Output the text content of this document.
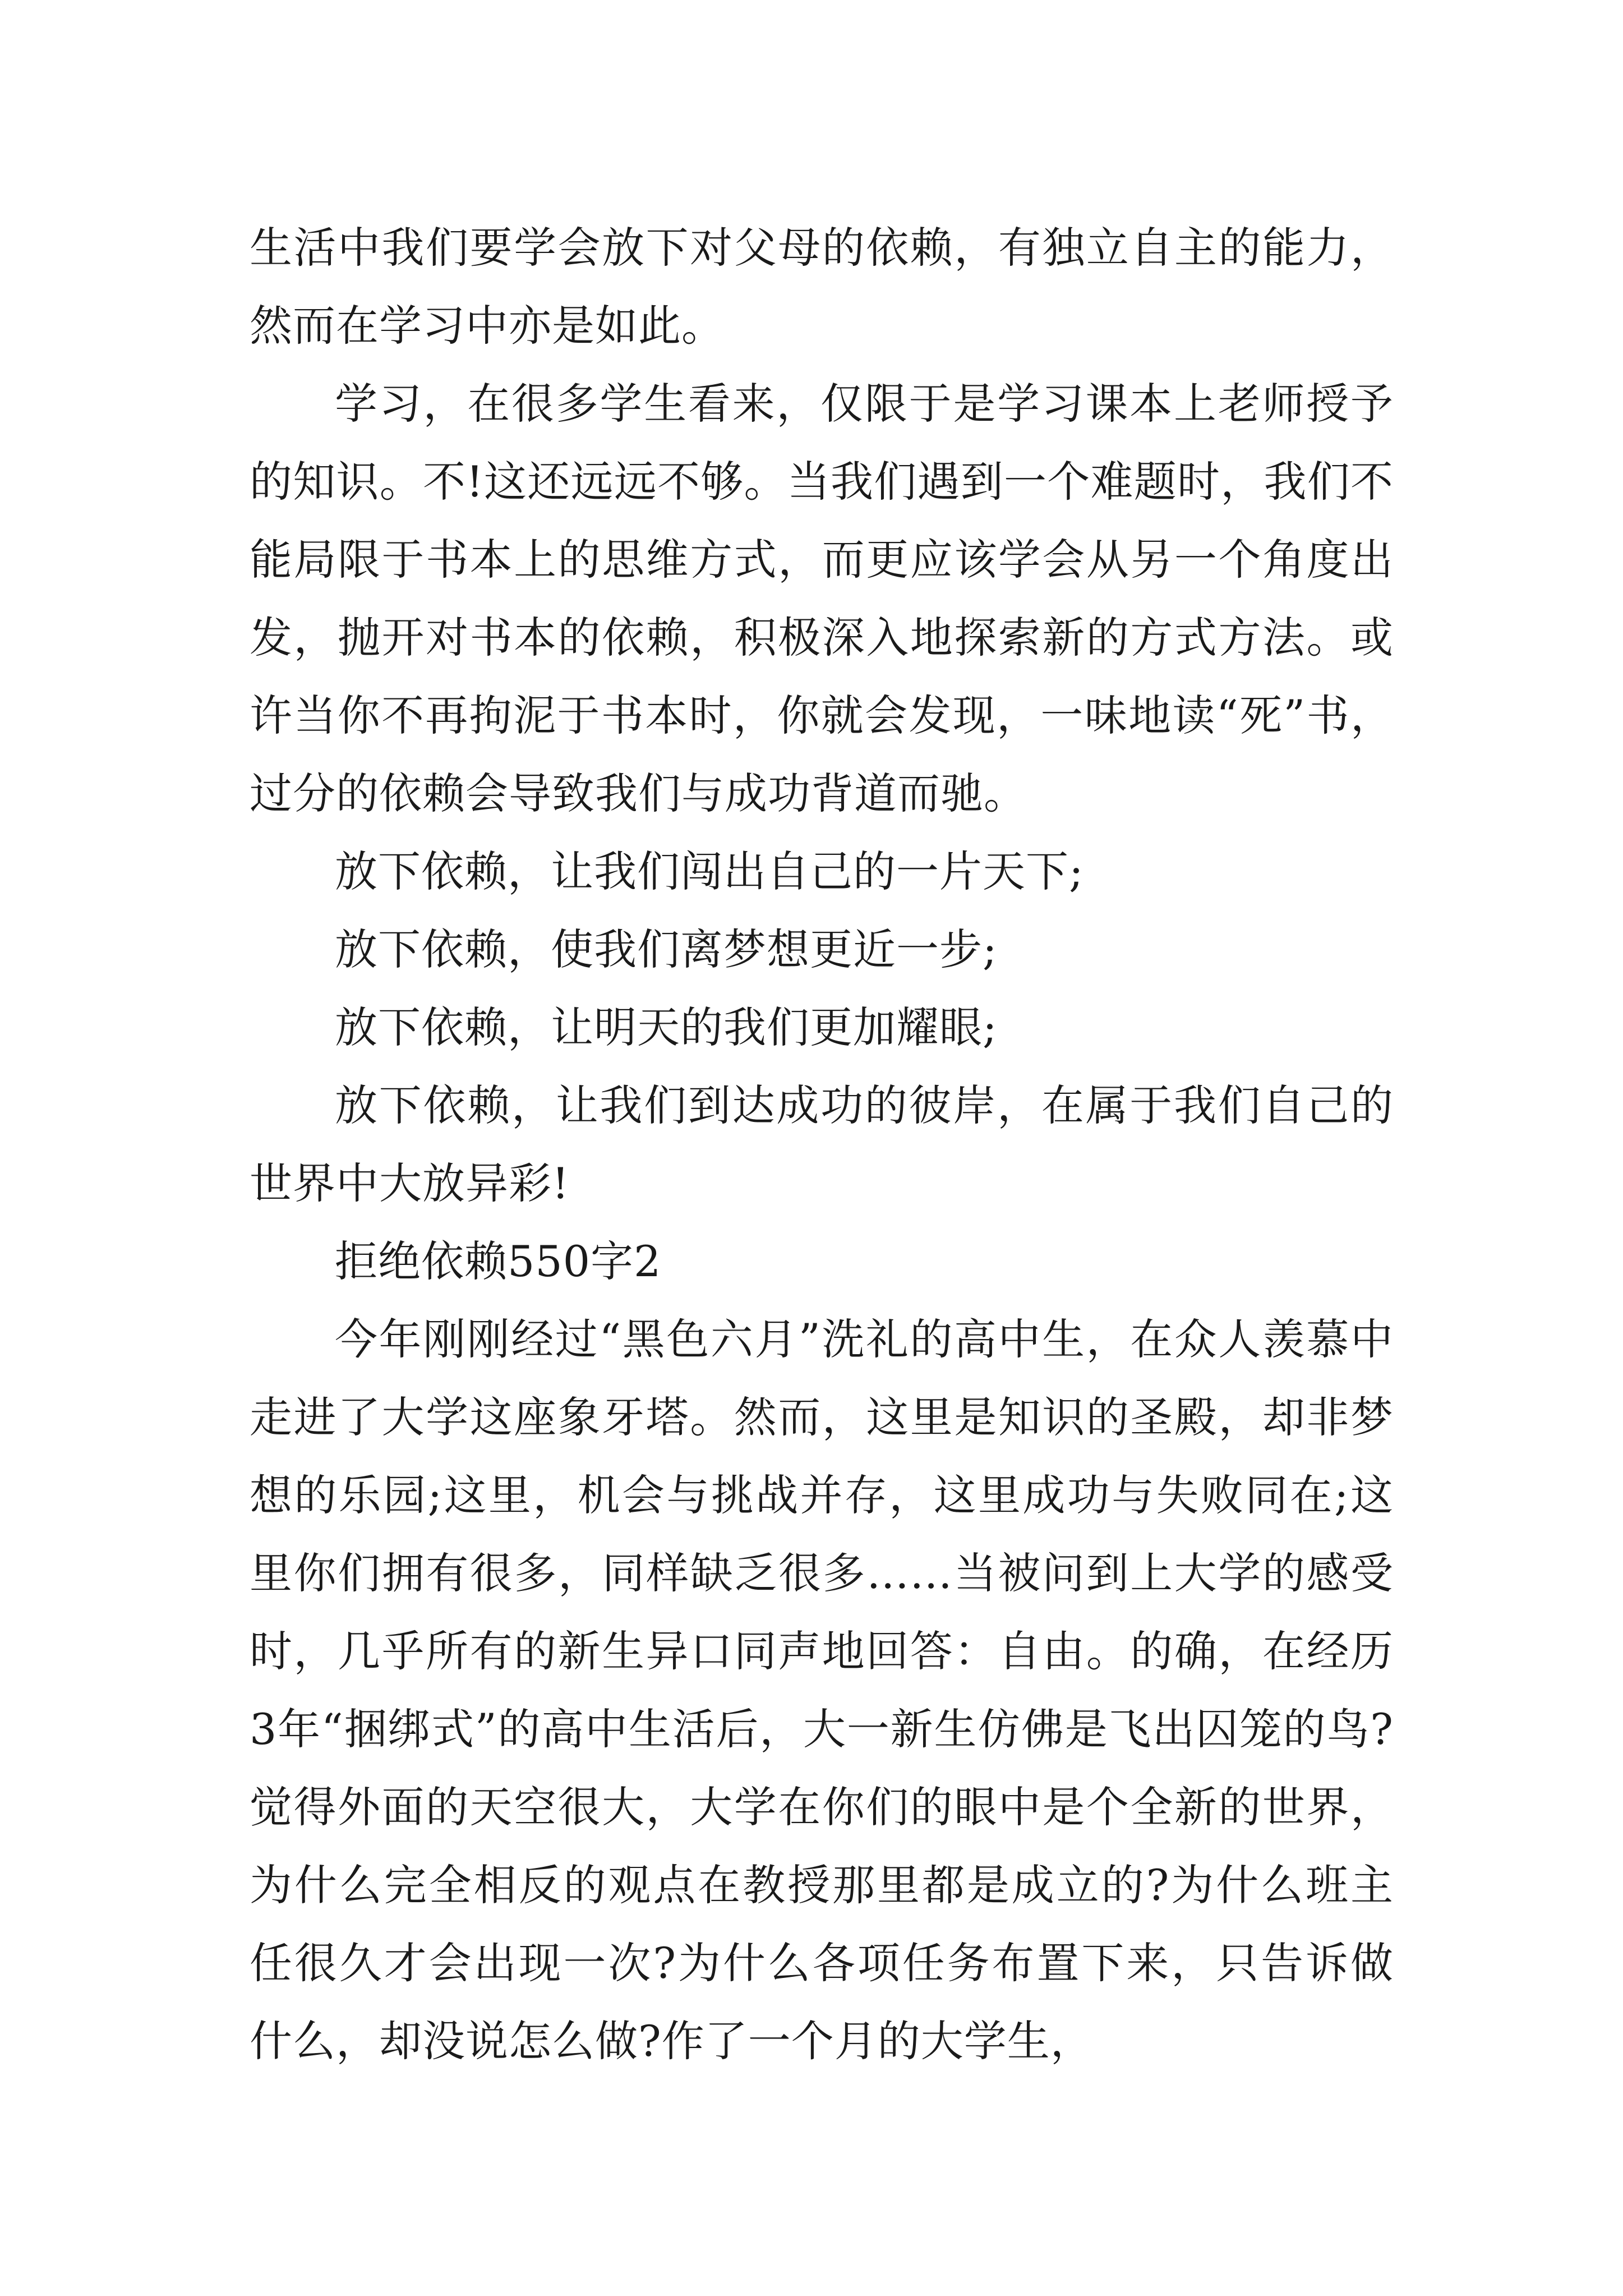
生活中我们要学会放下对父母的依赖，有独立自主的能力，然而在学习中亦是如此。

学习，在很多学生看来，仅限于是学习课本上老师授予的知识。不!这还远远不够。当我们遇到一个难题时，我们不能局限于书本上的思维方式，而更应该学会从另一个角度出发，抛开对书本的依赖，积极深入地探索新的方式方法。或许当你不再拘泥于书本时，你就会发现，一味地读“死”书，过分的依赖会导致我们与成功背道而驰。

放下依赖，让我们闯出自己的一片天下;

放下依赖，使我们离梦想更近一步;

放下依赖，让明天的我们更加耀眼;

放下依赖，让我们到达成功的彼岸，在属于我们自己的世界中大放异彩!

拒绝依赖550字2

今年刚刚经过“黑色六月”洗礼的高中生，在众人羡慕中走进了大学这座象牙塔。然而，这里是知识的圣殿，却非梦想的乐园;这里，机会与挑战并存，这里成功与失败同在;这里你们拥有很多，同样缺乏很多……当被问到上大学的感受时，几乎所有的新生异口同声地回答：自由。的确，在经历3年“捆绑式”的高中生活后，大一新生仿佛是飞出囚笼的鸟?觉得外面的天空很大，大学在你们的眼中是个全新的世界，为什么完全相反的观点在教授那里都是成立的?为什么班主任很久才会出现一次?为什么各项任务布置下来，只告诉做什么，却没说怎么做?作了一个月的大学生，
